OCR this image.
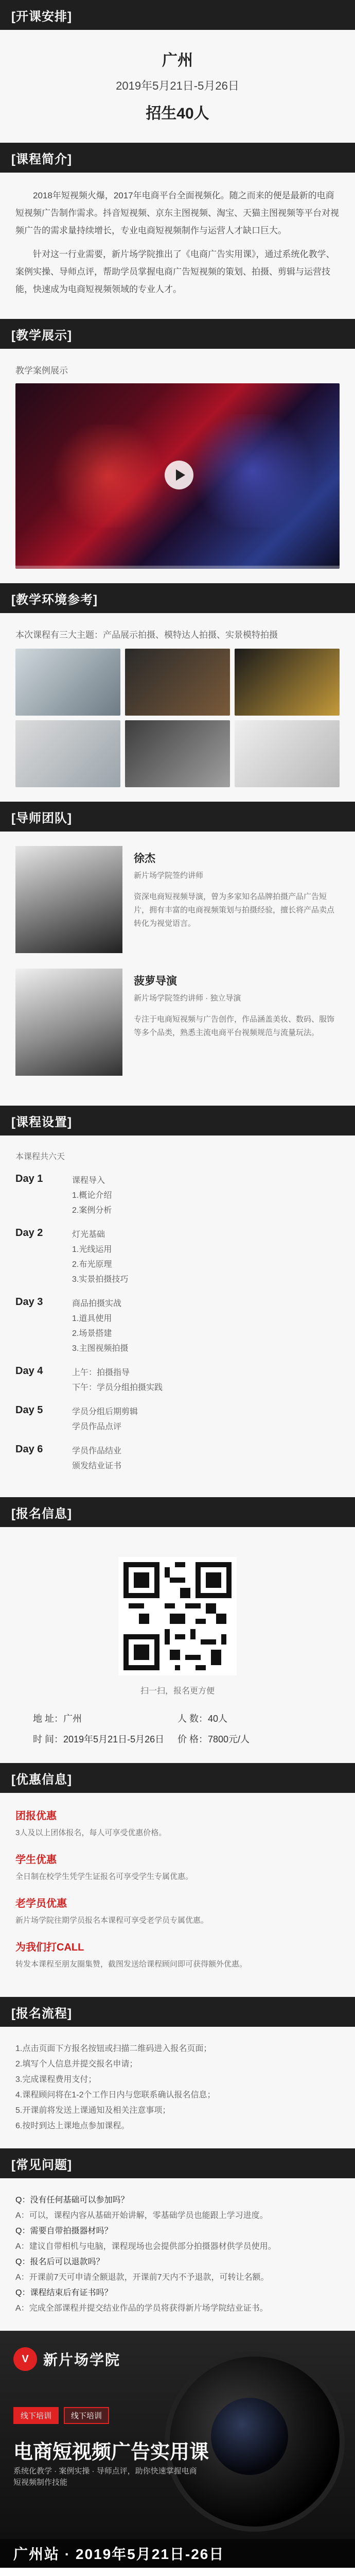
[开课安排]
广州
2019年5月21日-5月26日
招生40人
[课程简介]

2018年短视频火爆，2017年电商平台全面视频化。随之而来的便是最新的电商短视频广告制作需求。抖音短视频、京东主图视频、淘宝、天猫主图视频等平台对视频广告的需求量持续增长，专业电商短视频制作与运营人才缺口巨大。

针对这一行业需要，新片场学院推出了《电商广告实用课》，通过系统化教学、案例实操、导师点评，帮助学员掌握电商广告短视频的策划、拍摄、剪辑与运营技能，快速成为电商短视频领域的专业人才。

[教学展示]
教学案例展示
[教学环境参考]
本次课程有三大主题：产品展示拍摄、模特达人拍摄、实景模特拍摄
[导师团队]
徐杰
新片场学院签约讲师
资深电商短视频导演，曾为多家知名品牌拍摄产品广告短片，拥有丰富的电商视频策划与拍摄经验，擅长将产品卖点转化为视觉语言。
菠萝导演
新片场学院签约讲师 · 独立导演
专注于电商短视频与广告创作，作品涵盖美妆、数码、服饰等多个品类，熟悉主流电商平台视频规范与流量玩法。
[课程设置]
本课程共六天
Day 1	课程导入
1.概论介绍
2.案例分析
Day 2	灯光基础
1.光线运用
2.布光原理
3.实景拍摄技巧
Day 3	商品拍摄实战
1.道具使用
2.场景搭建
3.主图视频拍摄
Day 4	上午：拍摄指导
下午：学员分组拍摄实践
Day 5	学员分组后期剪辑
学员作品点评
Day 6	学员作品结业
颁发结业证书
[报名信息]
扫一扫，报名更方便
地 址：广州	人 数：40人
时 间：2019年5月21日-5月26日	价 格：7800元/人
[优惠信息]
团报优惠
3人及以上团体报名，每人可享受优惠价格。
学生优惠
全日制在校学生凭学生证报名可享受学生专属优惠。
老学员优惠
新片场学院往期学员报名本课程可享受老学员专属优惠。
为我们打CALL
转发本课程至朋友圈集赞，截图发送给课程顾问即可获得额外优惠。
[报名流程]

1.点击页面下方报名按钮或扫描二维码进入报名页面；

2.填写个人信息并提交报名申请；

3.完成课程费用支付；

4.课程顾问将在1-2个工作日内与您联系确认报名信息；

5.开课前将发送上课通知及相关注意事项；

6.按时到达上课地点参加课程。

[常见问题]

Q：没有任何基础可以参加吗？

A：可以，课程内容从基础开始讲解，零基础学员也能跟上学习进度。

Q：需要自带拍摄器材吗？

A：建议自带相机与电脑，课程现场也会提供部分拍摄器材供学员使用。

Q：报名后可以退款吗？

A：开课前7天可申请全额退款，开课前7天内不予退款，可转让名额。

Q：课程结束后有证书吗？

A：完成全部课程并提交结业作品的学员将获得新片场学院结业证书。

V	新片场学院
线下培训	线下培训
电商短视频广告实用课
系统化教学 · 案例实操 · 导师点评，助你快速掌握电商短视频制作技能
广州站 · 2019年5月21日-26日
